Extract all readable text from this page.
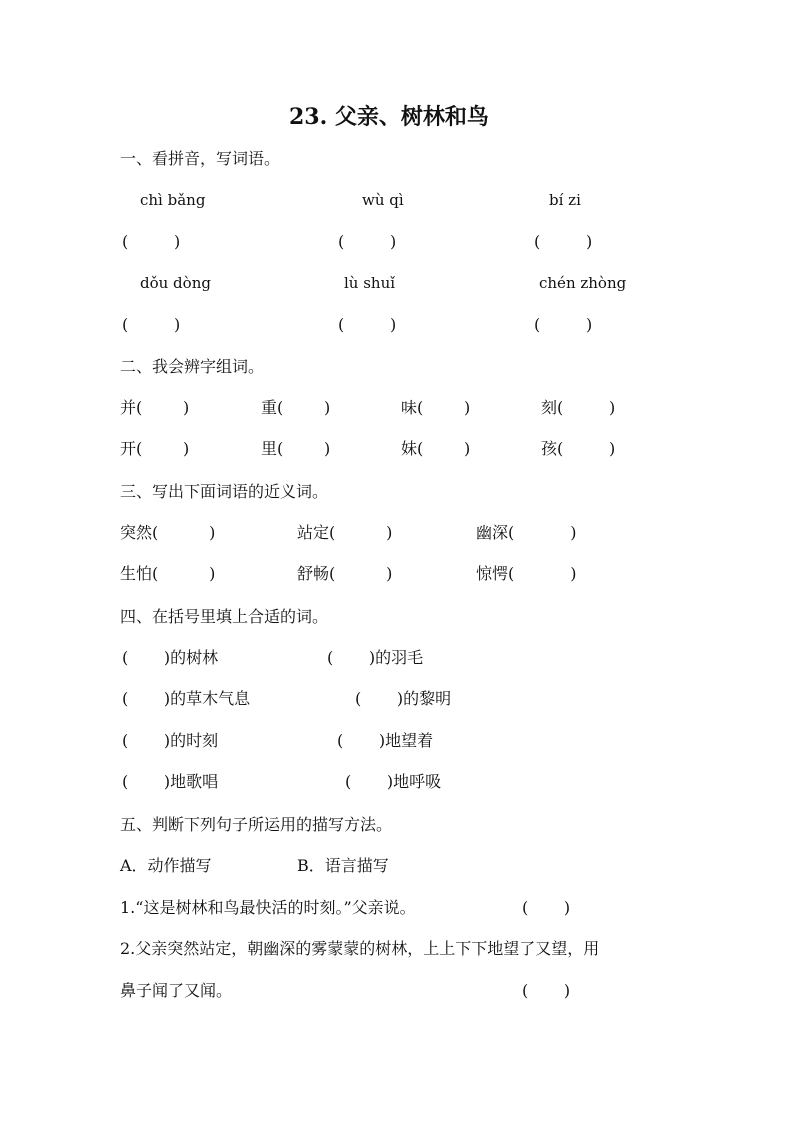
23. 父亲、树林和鸟
一、看拼音，写词语。
chì bǎng	wù qì	bí zi
(         )	(         )	(         )
dǒu dòng	lù shuǐ	chén zhòng
(         )	(         )	(         )
二、我会辨字组词。
并(        )	重(        )	味(        )	刻(         )
开(        )	里(        )	妹(        )	孩(         )
三、写出下面词语的近义词。
突然(          )	站定(          )	幽深(           )
生怕(          )	舒畅(          )	惊愕(           )
四、在括号里填上合适的词。
(       )的树林	(       )的羽毛
(       )的草木气息	(       )的黎明
(       )的时刻	(       )地望着
(       )地歌唱	(       )地呼吸
五、判断下列句子所运用的描写方法。
A．动作描写	B．语言描写
1.“这是树林和鸟最快活的时刻。”父亲说。	(       )
2.父亲突然站定，朝幽深的雾蒙蒙的树林，上上下下地望了又望，用
鼻子闻了又闻。	(       )
